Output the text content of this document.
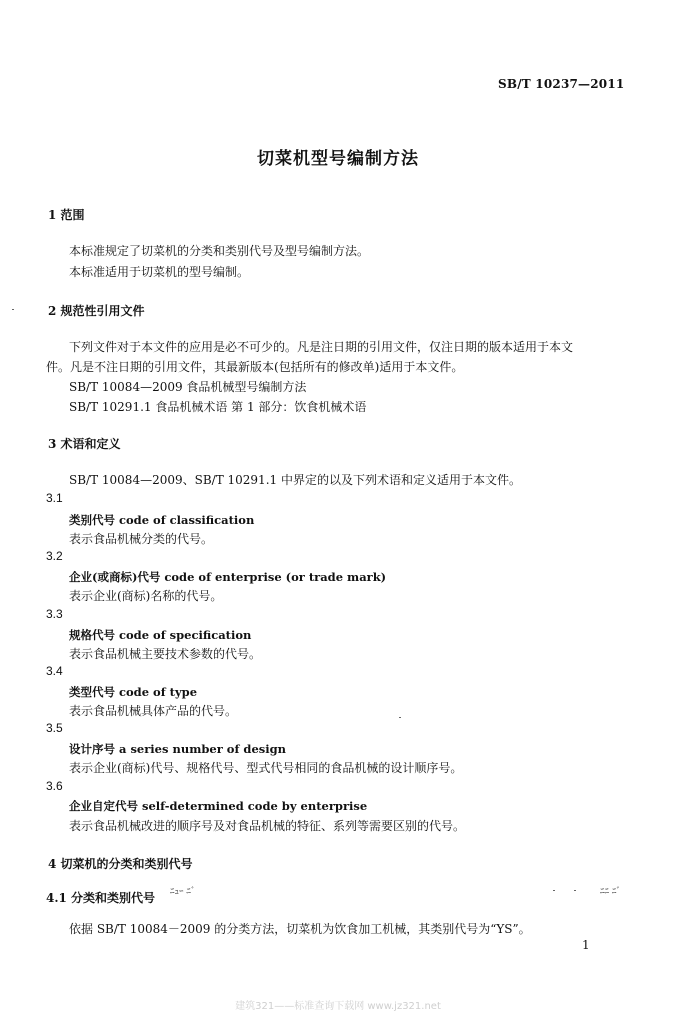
SB/T 10237—2011
切菜机型号编制方法
1 范围
本标准规定了切菜机的分类和类别代号及型号编制方法。
本标准适用于切菜机的型号编制。
2 规范性引用文件
下列文件对于本文件的应用是必不可少的。凡是注日期的引用文件，仅注日期的版本适用于本文
件。凡是不注日期的引用文件，其最新版本(包括所有的修改单)适用于本文件。
SB/T 10084—2009 食品机械型号编制方法
SB/T 10291.1 食品机械术语 第 1 部分：饮食机械术语
3 术语和定义
SB/T 10084—2009、SB/T 10291.1 中界定的以及下列术语和定义适用于本文件。
3.1
类别代号 code of classification
表示食品机械分类的代号。
3.2
企业(或商标)代号 code of enterprise (or trade mark)
表示企业(商标)名称的代号。
3.3
规格代号 code of specification
表示食品机械主要技术参数的代号。
3.4
类型代号 code of type
表示食品机械具体产品的代号。
3.5
设计序号 a series number of design
表示企业(商标)代号、规格代号、型式代号相同的食品机械的设计顺序号。
3.6
企业自定代号 self-determined code by enterprise
表示食品机械改进的顺序号及对食品机械的特征、系列等需要区别的代号。
4 切菜机的分类和类别代号
4.1 分类和类别代号 ﾆｭｰ ﾆﾞ	ﾆﾆ ﾆﾞ
依据 SB/T 10084－2009 的分类方法，切菜机为饮食加工机械，其类别代号为“YS”。
1
建筑321——标准查询下载网 www.jz321.net
